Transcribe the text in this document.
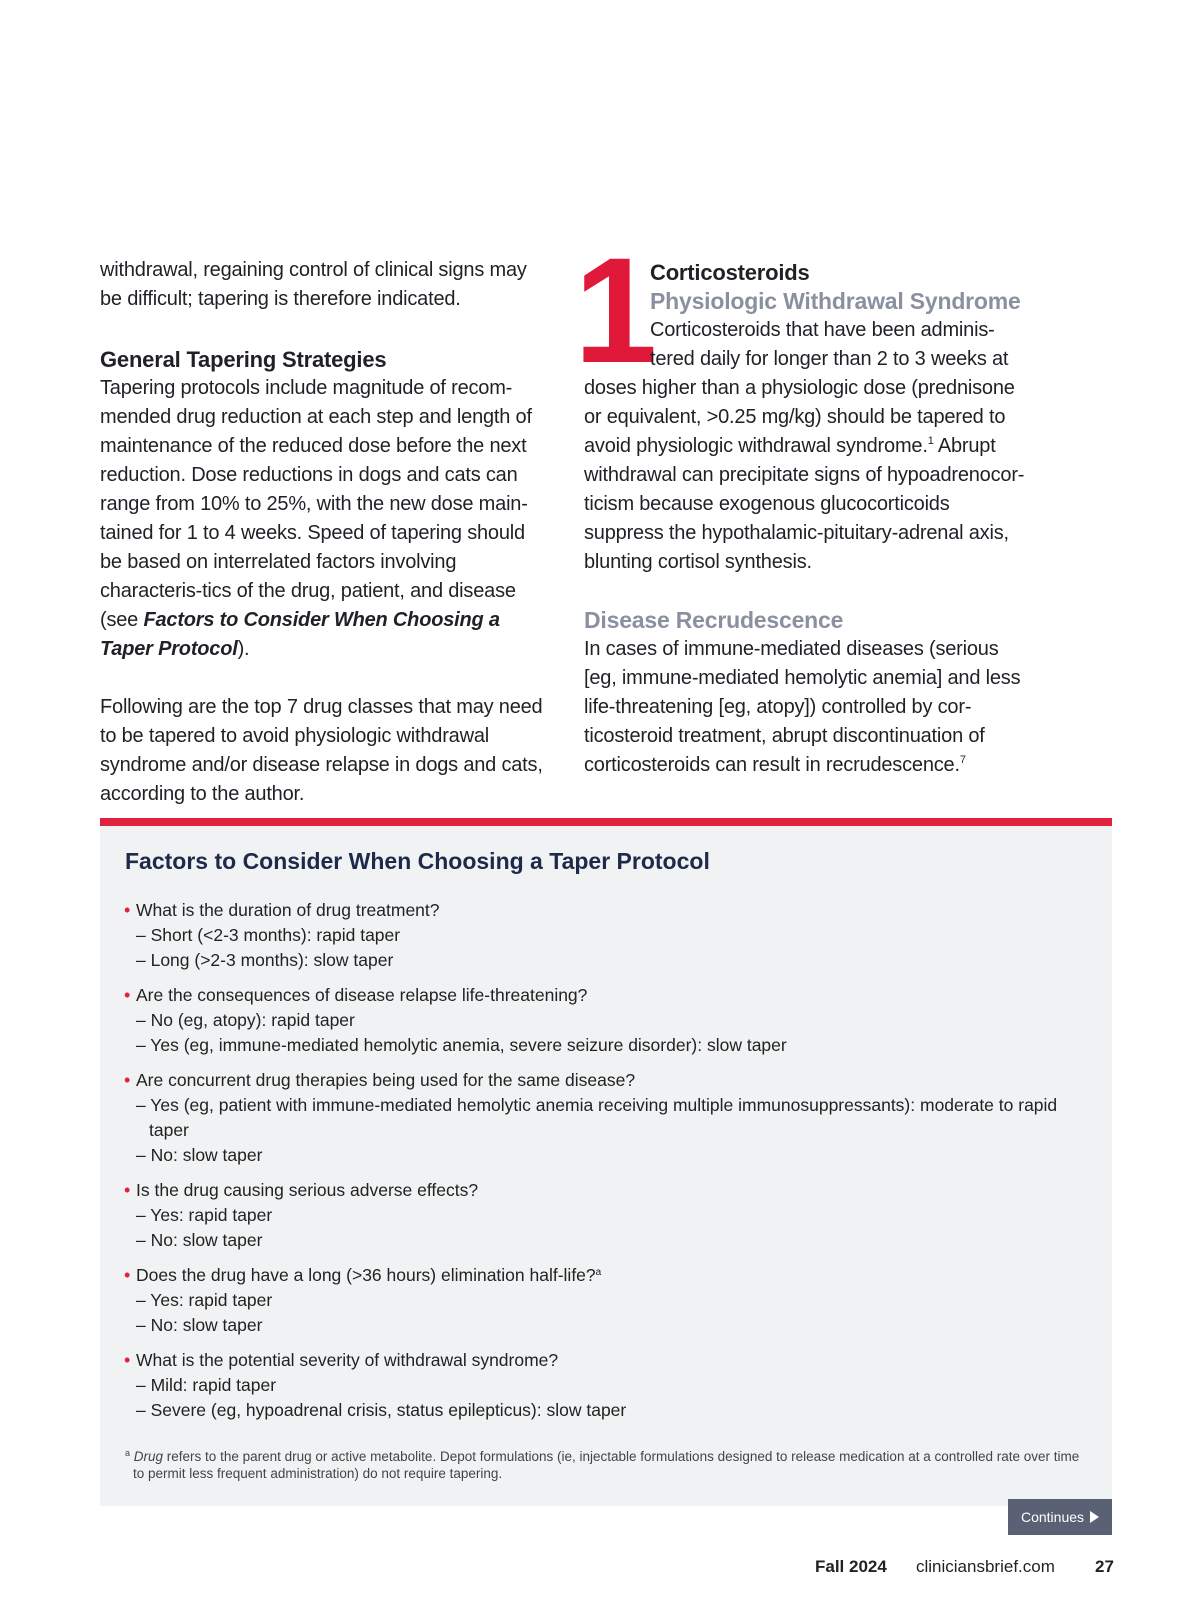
withdrawal, regaining control of clinical signs may be difficult; tapering is therefore indicated.

General Tapering Strategies

Tapering protocols include magnitude of recom-mended drug reduction at each step and length of maintenance of the reduced dose before the next reduction. Dose reductions in dogs and cats can range from 10% to 25%, with the new dose main-tained for 1 to 4 weeks. Speed of tapering should be based on interrelated factors involving characteris-tics of the drug, patient, and disease (see Factors to Consider When Choosing a Taper Protocol).

Following are the top 7 drug classes that may need to be tapered to avoid physiologic withdrawal syndrome and/or disease relapse in dogs and cats, according to the author.

1
Corticosteroids
Physiologic Withdrawal Syndrome

Corticosteroids that have been adminis-tered daily for longer than 2 to 3 weeks at doses higher than a physiologic dose (prednisone or equivalent, >0.25 mg/kg) should be tapered to avoid physiologic withdrawal syndrome.$^1$ Abrupt withdrawal can precipitate signs of hypoadrenocor-ticism because exogenous glucocorticoids suppress the hypothalamic-pituitary-adrenal axis, blunting cortisol synthesis.

Disease Recrudescence

In cases of immune-mediated diseases (serious [eg, immune-mediated hemolytic anemia] and less life-threatening [eg, atopy]) controlled by cor-ticosteroid treatment, abrupt discontinuation of corticosteroids can result in recrudescence.$^7$

Factors to Consider When Choosing a Taper Protocol
• What is the duration of drug treatment?
– Short (<2-3 months): rapid taper
– Long (>2-3 months): slow taper
• Are the consequences of disease relapse life-threatening?
– No (eg, atopy): rapid taper
– Yes (eg, immune-mediated hemolytic anemia, severe seizure disorder): slow taper
• Are concurrent drug therapies being used for the same disease?
– Yes (eg, patient with immune-mediated hemolytic anemia receiving multiple immunosuppressants): moderate to rapid taper
– No: slow taper
• Is the drug causing serious adverse effects?
– Yes: rapid taper
– No: slow taper
• Does the drug have a long (>36 hours) elimination half-life?$^a$
– Yes: rapid taper
– No: slow taper
• What is the potential severity of withdrawal syndrome?
– Mild: rapid taper
– Severe (eg, hypoadrenal crisis, status epilepticus): slow taper
$^a$ Drug refers to the parent drug or active metabolite. Depot formulations (ie, injectable formulations designed to release medication at a controlled rate over time to permit less frequent administration) do not require tapering.
Continues
Fall 2024 cliniciansbrief.com 27
